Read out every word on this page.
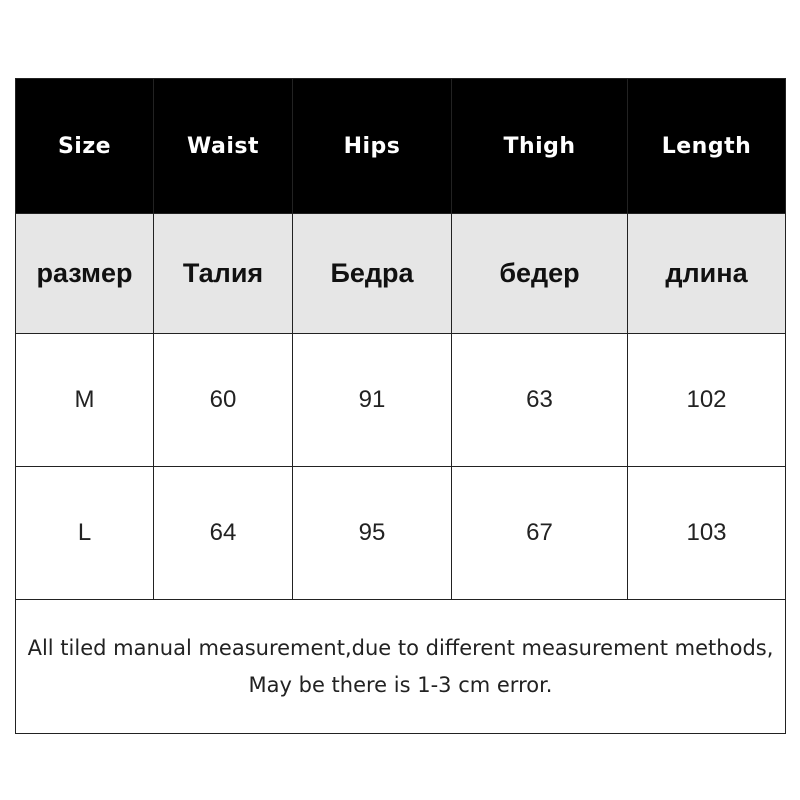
Size	Waist	Hips	Thigh	Length
размер	Талия	Бедра	бедер	длина
M	60	91	63	102
L	64	95	67	103
All tiled manual measurement,due to different measurement methods, May be there is 1-3 cm error.				
